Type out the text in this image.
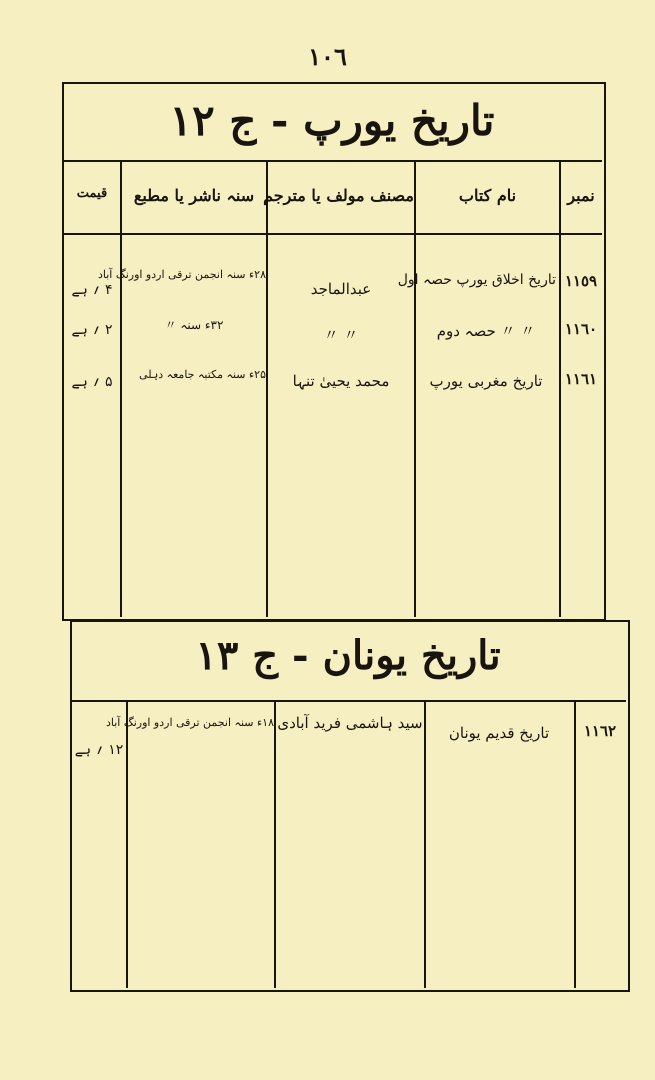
١٠٦
تاریخ یورپ - ج ۱۲
نمبر
نام کتاب
مصنف مولف یا مترجم
سنہ ناشر یا مطبع
قیمت
١١٥٩
تاریخ اخلاق یورپ حصہ اول
عبدالماجد
۲۸ء سنہ انجمن ترقی اردو اورنگ آباد
۴ ؍ ہے
١١٦٠
〃 〃 حصہ دوم
〃 〃
۳۲ء سنہ 〃
۲ ؍ ہے
١١٦١
تاریخ مغربی یورپ
محمد یحییٰ تنہا
۲۵ء سنہ مکتبہ جامعہ دہلی
۵ ؍ ہے
تاریخ یونان - ج ۱۳
١١٦٢
تاریخ قدیم یونان
سید ہاشمی فرید آبادی
۱۸ء سنہ انجمن ترقی اردو اورنگ آباد
۱۲ ؍ ہے
